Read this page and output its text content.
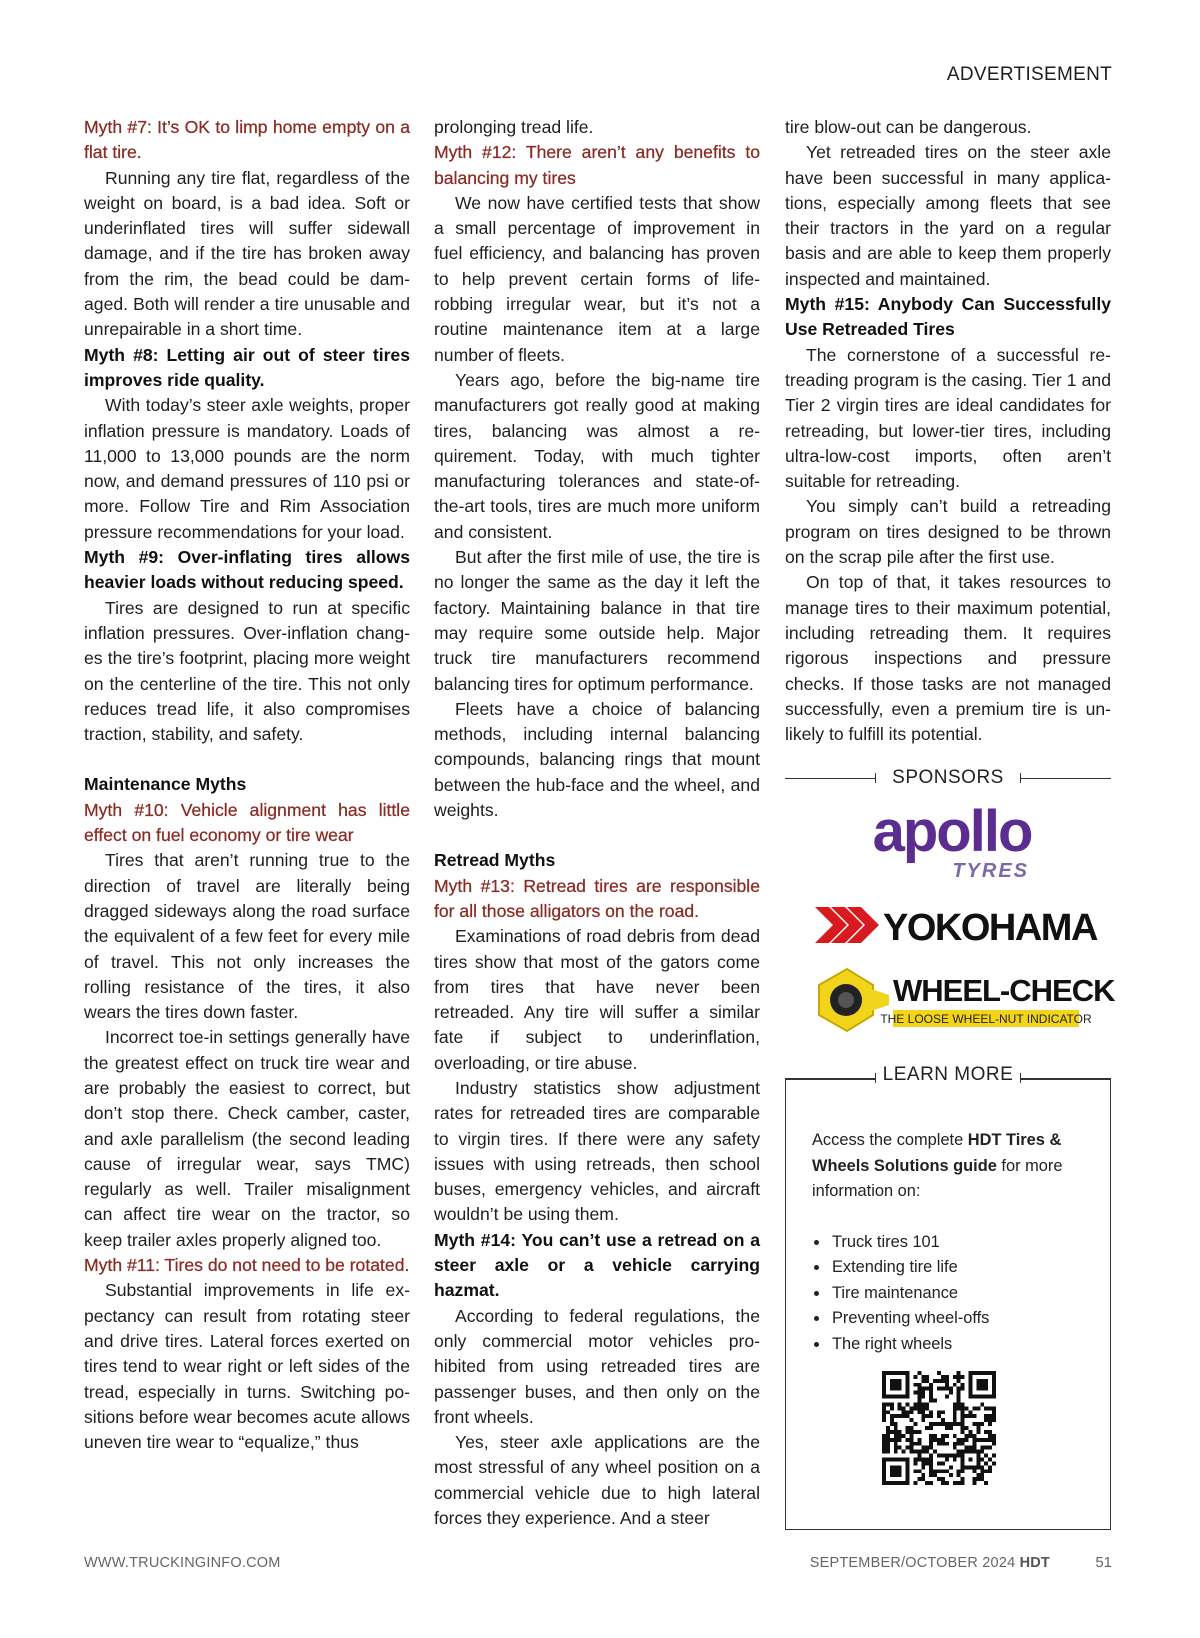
ADVERTISEMENT

Myth #7: It’s OK to limp home empty on a flat tire.

Running any tire flat, regardless of the weight on board, is a bad idea. Soft or underinflated tires will suffer sidewall damage, and if the tire has broken away from the rim, the bead could be damaged. Both will render a tire unusable and unrepairable in a short time.

Myth #8: Letting air out of steer tires improves ride quality.

With today’s steer axle weights, proper inflation pressure is mandatory. Loads of 11,000 to 13,000 pounds are the norm now, and demand pressures of 110 psi or more. Follow Tire and Rim Association pressure recommendations for your load.

Myth #9: Over-inflating tires allows heavier loads without reducing speed.

Tires are designed to run at specific inflation pressures. Over-inflation changes the tire’s footprint, placing more weight on the centerline of the tire. This not only reduces tread life, it also compromises traction, stability, and safety.

Maintenance Myths

Myth #10: Vehicle alignment has little effect on fuel economy or tire wear

Tires that aren’t running true to the direction of travel are literally being dragged sideways along the road surface the equivalent of a few feet for every mile of travel. This not only increases the rolling resistance of the tires, it also wears the tires down faster.

Incorrect toe-in settings generally have the greatest effect on truck tire wear and are probably the easiest to correct, but don’t stop there. Check camber, caster, and axle parallelism (the second leading cause of irregular wear, says TMC) regularly as well. Trailer misalignment can affect tire wear on the tractor, so keep trailer axles properly aligned too.

Myth #11: Tires do not need to be rotated.

Substantial improvements in life expectancy can result from rotating steer and drive tires. Lateral forces exerted on tires tend to wear right or left sides of the tread, especially in turns. Switching positions before wear becomes acute allows uneven tire wear to “equalize,” thus

prolonging tread life.

Myth #12: There aren’t any benefits to balancing my tires

We now have certified tests that show a small percentage of improvement in fuel efficiency, and balancing has proven to help prevent certain forms of life-robbing irregular wear, but it’s not a routine maintenance item at a large number of fleets.

Years ago, before the big-name tire manufacturers got really good at making tires, balancing was almost a requirement. Today, with much tighter manufacturing tolerances and state-of-the-art tools, tires are much more uniform and consistent.

But after the first mile of use, the tire is no longer the same as the day it left the factory. Maintaining balance in that tire may require some outside help. Major truck tire manufacturers recommend balancing tires for optimum performance.

Fleets have a choice of balancing methods, including internal balancing compounds, balancing rings that mount between the hub-face and the wheel, and weights.

Retread Myths

Myth #13: Retread tires are responsible for all those alligators on the road.

Examinations of road debris from dead tires show that most of the gators come from tires that have never been retreaded. Any tire will suffer a similar fate if subject to underinflation, overloading, or tire abuse.

Industry statistics show adjustment rates for retreaded tires are comparable to virgin tires. If there were any safety issues with using retreads, then school buses, emergency vehicles, and aircraft wouldn’t be using them.

Myth #14: You can’t use a retread on a steer axle or a vehicle carrying hazmat.

According to federal regulations, the only commercial motor vehicles prohibited from using retreaded tires are passenger buses, and then only on the front wheels.

Yes, steer axle applications are the most stressful of any wheel position on a commercial vehicle due to high lateral forces they experience. And a steer

tire blow-out can be dangerous.

Yet retreaded tires on the steer axle have been successful in many applications, especially among fleets that see their tractors in the yard on a regular basis and are able to keep them properly inspected and maintained.

Myth #15: Anybody Can Successfully Use Retreaded Tires

The cornerstone of a successful retreading program is the casing. Tier 1 and Tier 2 virgin tires are ideal candidates for retreading, but lower-tier tires, including ultra-low-cost imports, often aren’t suitable for retreading.

You simply can’t build a retreading program on tires designed to be thrown on the scrap pile after the first use.

On top of that, it takes resources to manage tires to their maximum potential, including retreading them. It requires rigorous inspections and pressure checks. If those tasks are not managed successfully, even a premium tire is unlikely to fulfill its potential.

SPONSORS
apollo
TYRES
YOKOHAMA
WHEEL-CHECK
THE LOOSE WHEEL-NUT INDICATOR
LEARN MORE
Access the complete HDT Tires & Wheels Solutions guide for more information on:
• Truck tires 101
• Extending tire life
• Tire maintenance
• Preventing wheel-offs
• The right wheels
WWW.TRUCKINGINFO.COM	SEPTEMBER/OCTOBER 2024 HDT	51
